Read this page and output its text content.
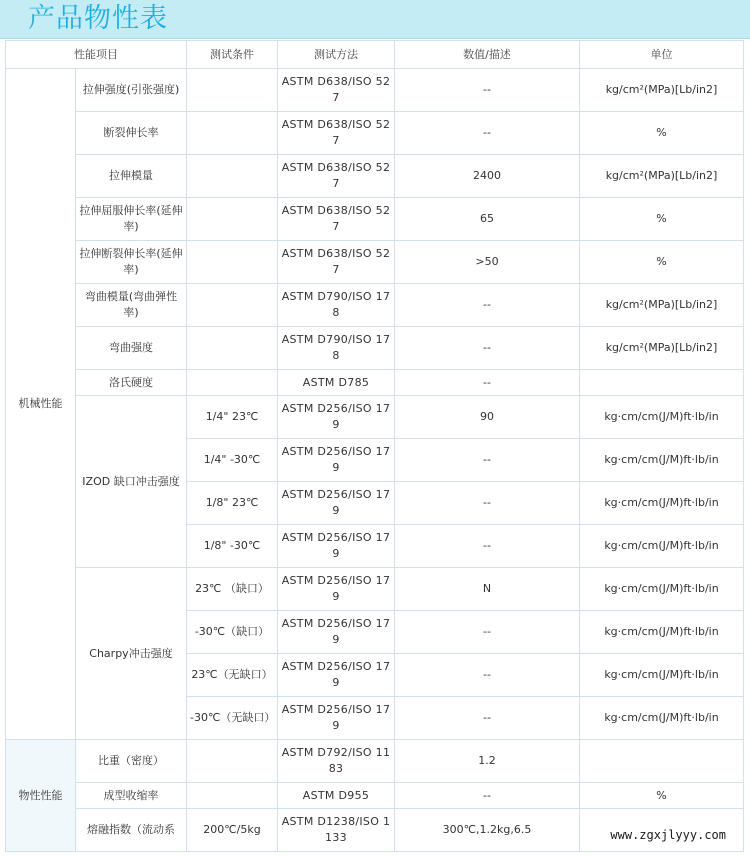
产品物性表
性能项目		测试条件	测试方法	数值/描述	单位
机械性能	拉伸强度(引张强度)		ASTM D638/ISO 527	--	kg/cm²(MPa)[Lb/in2]
	断裂伸长率		ASTM D638/ISO 527	--	%
	拉伸模量		ASTM D638/ISO 527	2400	kg/cm²(MPa)[Lb/in2]
	拉伸屈服伸长率(延伸率)		ASTM D638/ISO 527	65	%
	拉伸断裂伸长率(延伸率)		ASTM D638/ISO 527	>50	%
	弯曲模量(弯曲弹性率)		ASTM D790/ISO 178	--	kg/cm²(MPa)[Lb/in2]
	弯曲强度		ASTM D790/ISO 178	--	kg/cm²(MPa)[Lb/in2]
	洛氏硬度		ASTM D785	--	
	IZOD 缺口冲击强度	1/4" 23℃	ASTM D256/ISO 179	90	kg·cm/cm(J/M)ft·lb/in
		1/4" -30℃	ASTM D256/ISO 179	--	kg·cm/cm(J/M)ft·lb/in
		1/8" 23℃	ASTM D256/ISO 179	--	kg·cm/cm(J/M)ft·lb/in
		1/8" -30℃	ASTM D256/ISO 179	--	kg·cm/cm(J/M)ft·lb/in
	Charpy冲击强度	23℃ （缺口）	ASTM D256/ISO 179	N	kg·cm/cm(J/M)ft·lb/in
		-30℃（缺口）	ASTM D256/ISO 179	--	kg·cm/cm(J/M)ft·lb/in
		23℃（无缺口）	ASTM D256/ISO 179	--	kg·cm/cm(J/M)ft·lb/in
		-30℃（无缺口）	ASTM D256/ISO 179	--	kg·cm/cm(J/M)ft·lb/in
物性性能	比重（密度）		ASTM D792/ISO 1183	1.2	
	成型收缩率		ASTM D955	--	%
	熔融指数（流动系	200℃/5kg	ASTM D1238/ISO 1133	300℃,1.2kg,6.5		www.zgxjlyyy.com
